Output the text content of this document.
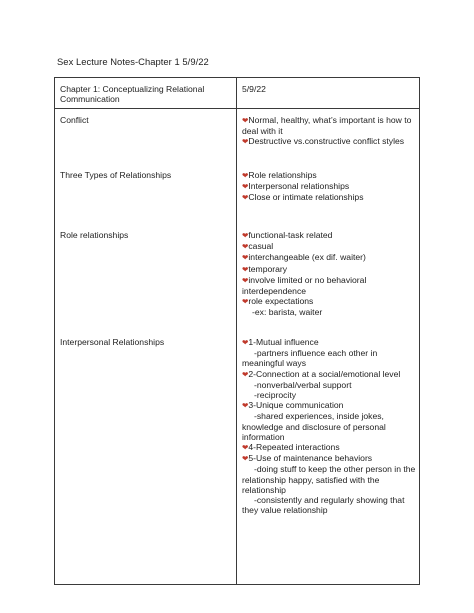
Sex Lecture Notes-Chapter 1 5/9/22
Chapter 1: Conceptualizing Relational Communication
5/9/22
Conflict	❤Normal, healthy, what’s important is how to deal with it
❤Destructive vs.constructive conflict styles
Three Types of Relationships	❤Role relationships
❤Interpersonal relationships
❤Close or intimate relationships
Role relationships	❤functional-task related
❤casual
❤interchangeable (ex dif. waiter)
❤temporary
❤involve limited or no behavioral interdependence
❤role expectations
-ex: barista, waiter
Interpersonal Relationships	❤1-Mutual influence
-partners influence each other in meaningful ways
❤2-Connection at a social/emotional level
-nonverbal/verbal support
-reciprocity
❤3-Unique communication
-shared experiences, inside jokes, knowledge and disclosure of personal information
❤4-Repeated interactions
❤5-Use of maintenance behaviors
-doing stuff to keep the other person in the relationship happy, satisfied with the relationship
-consistently and regularly showing that they value relationship
